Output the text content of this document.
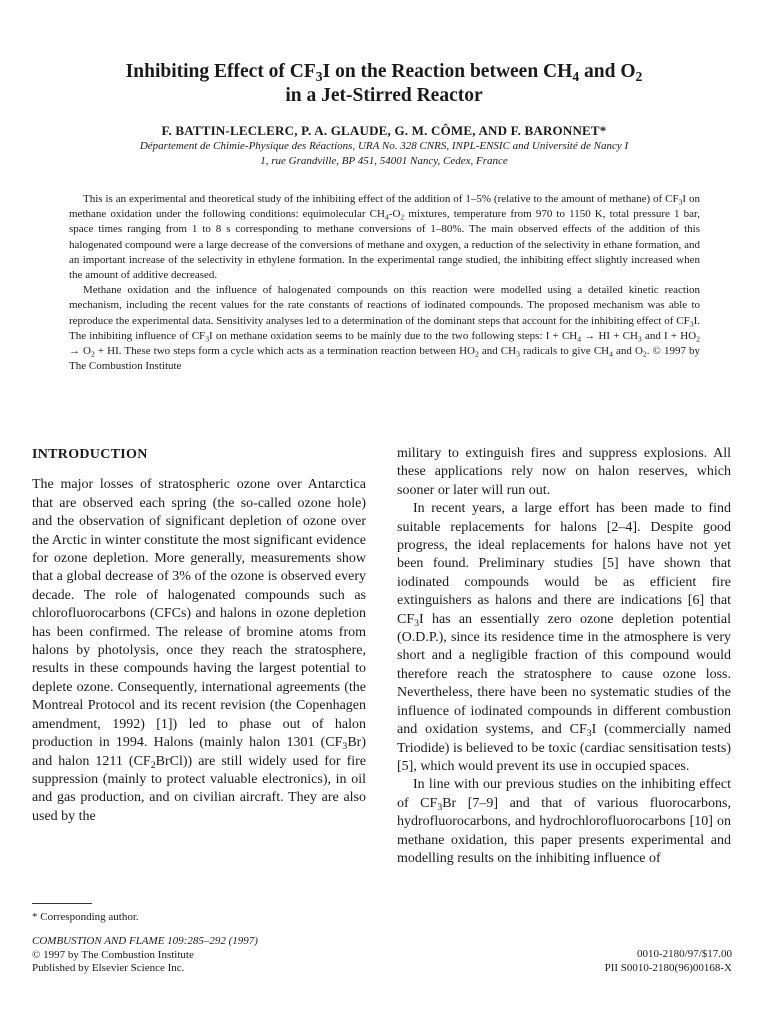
Inhibiting Effect of $CF_3I$ on the Reaction between $CH_4$ and $O_2$
in a Jet-Stirred Reactor
F. BATTIN-LECLERC, P. A. GLAUDE, G. M. CÔME, AND F. BARONNET*
Département de Chimie-Physique des Réactions, URA No. 328 CNRS, INPL-ENSIC and Université de Nancy I
1, rue Grandville, BP 451, 54001 Nancy, Cedex, France

This is an experimental and theoretical study of the inhibiting effect of the addition of 1–5% (relative to the amount of methane) of $CF_3I$ on methane oxidation under the following conditions: equimolecular $CH_4-O_2$ mixtures, temperature from 970 to 1150 K, total pressure 1 bar, space times ranging from 1 to 8 s corresponding to methane conversions of 1–80%. The main observed effects of the addition of this halogenated compound were a large decrease of the conversions of methane and oxygen, a reduction of the selectivity in ethane formation, and an important increase of the selectivity in ethylene formation. In the experimental range studied, the inhibiting effect slightly increased when the amount of additive decreased.

Methane oxidation and the influence of halogenated compounds on this reaction were modelled using a detailed kinetic reaction mechanism, including the recent values for the rate constants of reactions of iodinated compounds. The proposed mechanism was able to reproduce the experimental data. Sensitivity analyses led to a determination of the dominant steps that account for the inhibiting effect of $CF_3I$. The inhibiting influence of $CF_3I$ on methane oxidation seems to be mainly due to the two following steps: $I + CH_4$ → HI + $CH_3$ and $I + HO_2 \to O_2$ + HI. These two steps form a cycle which acts as a termination reaction between $HO_2$ and $CH_3$ radicals to give $CH_4$ and $O_2$. © 1997 by The Combustion Institute

INTRODUCTION

The major losses of stratospheric ozone over Antarctica that are observed each spring (the so-called ozone hole) and the observation of significant depletion of ozone over the Arctic in winter constitute the most significant evidence for ozone depletion. More generally, measurements show that a global decrease of 3% of the ozone is observed every decade. The role of halogenated compounds such as chlorofluorocarbons (CFCs) and halons in ozone depletion has been confirmed. The release of bromine atoms from halons by photolysis, once they reach the stratosphere, results in these compounds having the largest potential to deplete ozone. Consequently, international agreements (the Montreal Protocol and its recent revision (the Copenhagen amendment, 1992) [1]) led to phase out of halon production in 1994. Halons (mainly halon 1301 $(CF_3Br)$ and halon 1211 $(CF_2BrCl)$) are still widely used for fire suppression (mainly to protect valuable electronics), in oil and gas production, and on civilian aircraft. They are also used by the

military to extinguish fires and suppress explosions. All these applications rely now on halon reserves, which sooner or later will run out.

In recent years, a large effort has been made to find suitable replacements for halons [2–4]. Despite good progress, the ideal replacements for halons have not yet been found. Preliminary studies [5] have shown that iodinated compounds would be as efficient fire extinguishers as halons and there are indications [6] that $CF_3I$ has an essentially zero ozone depletion potential (O.D.P.), since its residence time in the atmosphere is very short and a negligible fraction of this compound would therefore reach the stratosphere to cause ozone loss. Nevertheless, there have been no systematic studies of the influence of iodinated compounds in different combustion and oxidation systems, and $CF_3I$ (commercially named Triodide) is believed to be toxic (cardiac sensitisation tests) [5], which would prevent its use in occupied spaces.

In line with our previous studies on the inhibiting effect of $CF_3Br$ [7–9] and that of various fluorocarbons, hydrofluorocarbons, and hydrochlorofluorocarbons [10] on methane oxidation, this paper presents experimental and modelling results on the inhibiting influence of

* Corresponding author.
COMBUSTION AND FLAME 109:285–292 (1997)
© 1997 by The Combustion Institute
Published by Elsevier Science Inc.
0010-2180/97/$17.00
PII S0010-2180(96)00168-X
